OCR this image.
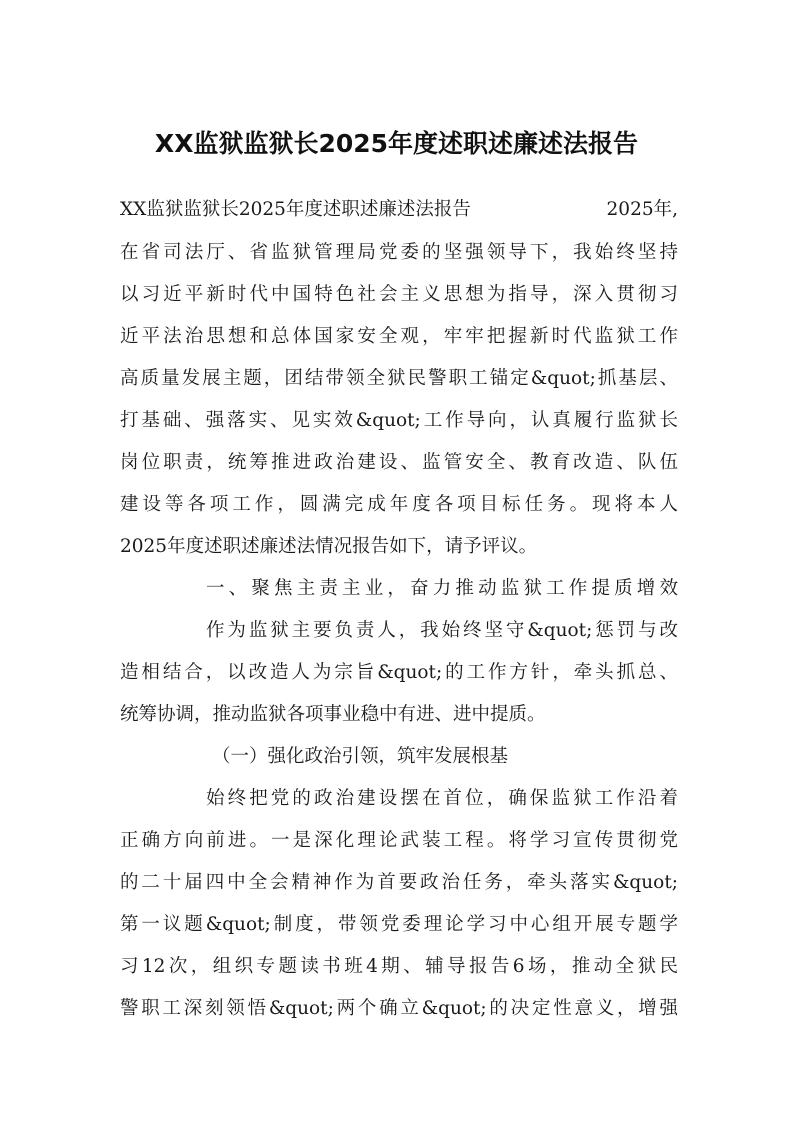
XX监狱监狱长2025年度述职述廉述法报告
XX监狱监狱长2025年度述职述廉述法报告	2025年,
在省司法厅、省监狱管理局党委的坚强领导下，我始终坚持
以习近平新时代中国特色社会主义思想为指导，深入贯彻习
近平法治思想和总体国家安全观，牢牢把握新时代监狱工作
高质量发展主题，团结带领全狱民警职工锚定&quot;抓基层、
打基础、强落实、见实效&quot;工作导向，认真履行监狱长
岗位职责，统筹推进政治建设、监管安全、教育改造、队伍
建设等各项工作，圆满完成年度各项目标任务。现将本人
2025年度述职述廉述法情况报告如下，请予评议。
一、聚焦主责主业，奋力推动监狱工作提质增效
作为监狱主要负责人，我始终坚守&quot;惩罚与改
造相结合，以改造人为宗旨&quot;的工作方针，牵头抓总、
统筹协调，推动监狱各项事业稳中有进、进中提质。
（一）强化政治引领，筑牢发展根基
始终把党的政治建设摆在首位，确保监狱工作沿着
正确方向前进。一是深化理论武装工程。将学习宣传贯彻党
的二十届四中全会精神作为首要政治任务，牵头落实&quot;
第一议题&quot;制度，带领党委理论学习中心组开展专题学
习12次，组织专题读书班4期、辅导报告6场，推动全狱民
警职工深刻领悟&quot;两个确立&quot;的决定性意义，增强
